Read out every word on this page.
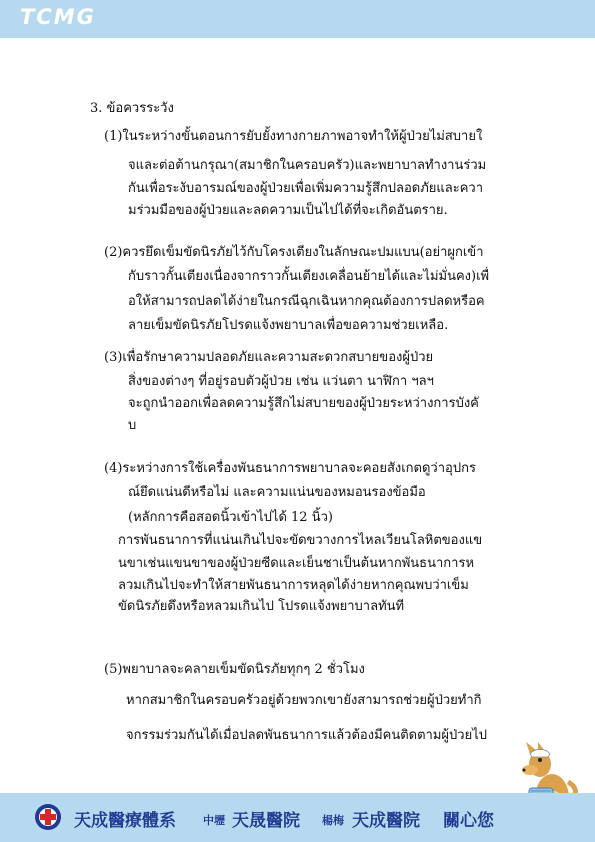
TCMG
3. ข้อควรระวัง
(1)ในระหว่างขั้นตอนการยับยั้งทางกายภาพอาจทำให้ผู้ป่วยไม่สบายใ
จและต่อต้านกรุณา(สมาชิกในครอบครัว)และพยาบาลทำงานร่วม
กันเพื่อระงับอารมณ์ของผู้ป่วยเพื่อเพิ่มความรู้สึกปลอดภัยและควา
มร่วมมือของผู้ป่วยและลดความเป็นไปได้ที่จะเกิดอันตราย.
(2)ควรยึดเข็มขัดนิรภัยไว้กับโครงเตียงในลักษณะปมแบน(อย่าผูกเข้า
กับราวกั้นเตียงเนื่องจากราวกั้นเตียงเคลื่อนย้ายได้และไม่มั่นคง)เพื่
อให้สามารถปลดได้ง่ายในกรณีฉุกเฉินหากคุณต้องการปลดหรือค
ลายเข็มขัดนิรภัยโปรดแจ้งพยาบาลเพื่อขอความช่วยเหลือ.
(3)เพื่อรักษาความปลอดภัยและความสะดวกสบายของผู้ป่วย
สิ่งของต่างๆ ที่อยู่รอบตัวผู้ป่วย เช่น แว่นตา นาฬิกา ฯลฯ
จะถูกนำออกเพื่อลดความรู้สึกไม่สบายของผู้ป่วยระหว่างการบังคั
บ
(4)ระหว่างการใช้เครื่องพันธนาการพยาบาลจะคอยสังเกตดูว่าอุปกร
ณ์ยึดแน่นดีหรือไม่ และความแน่นของหมอนรองข้อมือ
(หลักการคือสอดนิ้วเข้าไปได้ 12 นิ้ว)
การพันธนาการที่แน่นเกินไปจะขัดขวางการไหลเวียนโลหิตของแข
นขาเช่นแขนขาของผู้ป่วยซีดและเย็นชาเป็นต้นหากพันธนาการห
ลวมเกินไปจะทำให้สายพันธนาการหลุดได้ง่ายหากคุณพบว่าเข็ม
ขัดนิรภัยดึงหรือหลวมเกินไป โปรดแจ้งพยาบาลทันที
(5)พยาบาลจะคลายเข็มขัดนิรภัยทุกๆ 2 ชั่วโมง
หากสมาชิกในครอบครัวอยู่ด้วยพวกเขายังสามารถช่วยผู้ป่วยทำกิ
จกรรมร่วมกันได้เมื่อปลดพันธนาการแล้วต้องมีคนติดตามผู้ป่วยไป
天成醫療體系 中壢 天晟醫院 楊梅 天成醫院 關心您
